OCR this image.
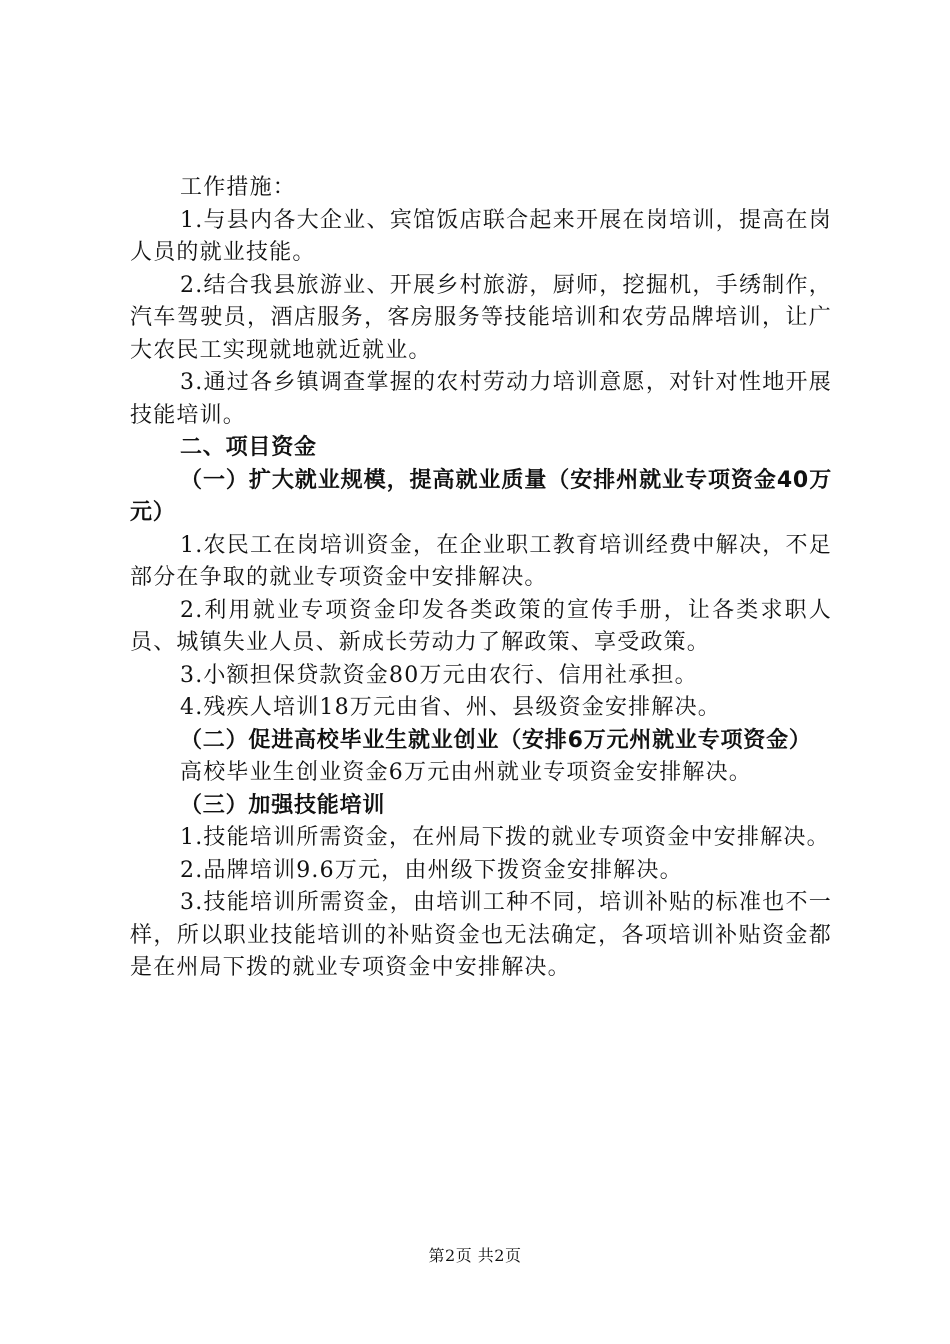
工作措施：

1.与县内各大企业、宾馆饭店联合起来开展在岗培训，提高在岗人员的就业技能。

2.结合我县旅游业、开展乡村旅游，厨师，挖掘机，手绣制作，汽车驾驶员，酒店服务，客房服务等技能培训和农劳品牌培训，让广大农民工实现就地就近就业。

3.通过各乡镇调查掌握的农村劳动力培训意愿，对针对性地开展技能培训。

二、项目资金

（一）扩大就业规模，提高就业质量（安排州就业专项资金40万元）

1.农民工在岗培训资金，在企业职工教育培训经费中解决，不足部分在争取的就业专项资金中安排解决。

2.利用就业专项资金印发各类政策的宣传手册，让各类求职人员、城镇失业人员、新成长劳动力了解政策、享受政策。

3.小额担保贷款资金80万元由农行、信用社承担。

4.残疾人培训18万元由省、州、县级资金安排解决。

（二）促进高校毕业生就业创业（安排6万元州就业专项资金）

高校毕业生创业资金6万元由州就业专项资金安排解决。

（三）加强技能培训

1.技能培训所需资金，在州局下拨的就业专项资金中安排解决。

2.品牌培训9.6万元，由州级下拨资金安排解决。

3.技能培训所需资金，由培训工种不同，培训补贴的标准也不一样，所以职业技能培训的补贴资金也无法确定，各项培训补贴资金都是在州局下拨的就业专项资金中安排解决。

第2页 共2页
